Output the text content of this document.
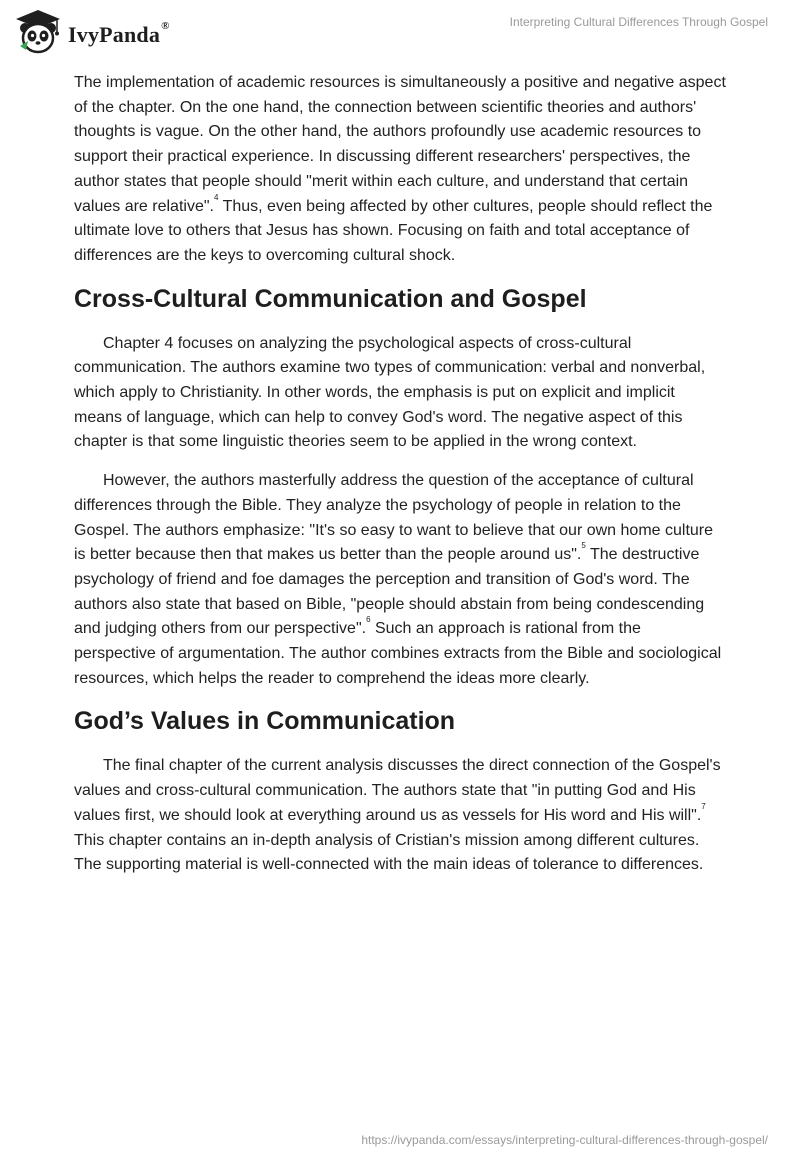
IvyPanda®	Interpreting Cultural Differences Through Gospel

The implementation of academic resources is simultaneously a positive and negative aspect of the chapter. On the one hand, the connection between scientific theories and authors' thoughts is vague. On the other hand, the authors profoundly use academic resources to support their practical experience. In discussing different researchers' perspectives, the author states that people should "merit within each culture, and understand that certain values are relative".$^4$ Thus, even being affected by other cultures, people should reflect the ultimate love to others that Jesus has shown. Focusing on faith and total acceptance of differences are the keys to overcoming cultural shock.

Cross-Cultural Communication and Gospel

Chapter 4 focuses on analyzing the psychological aspects of cross-cultural communication. The authors examine two types of communication: verbal and nonverbal, which apply to Christianity. In other words, the emphasis is put on explicit and implicit means of language, which can help to convey God's word. The negative aspect of this chapter is that some linguistic theories seem to be applied in the wrong context.

However, the authors masterfully address the question of the acceptance of cultural differences through the Bible. They analyze the psychology of people in relation to the Gospel. The authors emphasize: "It's so easy to want to believe that our own home culture is better because then that makes us better than the people around us".$^5$ The destructive psychology of friend and foe damages the perception and transition of God's word. The authors also state that based on Bible, "people should abstain from being condescending and judging others from our perspective".$^6$ Such an approach is rational from the perspective of argumentation. The author combines extracts from the Bible and sociological resources, which helps the reader to comprehend the ideas more clearly.

God’s Values in Communication

The final chapter of the current analysis discusses the direct connection of the Gospel's values and cross-cultural communication. The authors state that "in putting God and His values first, we should look at everything around us as vessels for His word and His will".$^7$ This chapter contains an in-depth analysis of Cristian's mission among different cultures. The supporting material is well-connected with the main ideas of tolerance to differences.

https://ivypanda.com/essays/interpreting-cultural-differences-through-gospel/
